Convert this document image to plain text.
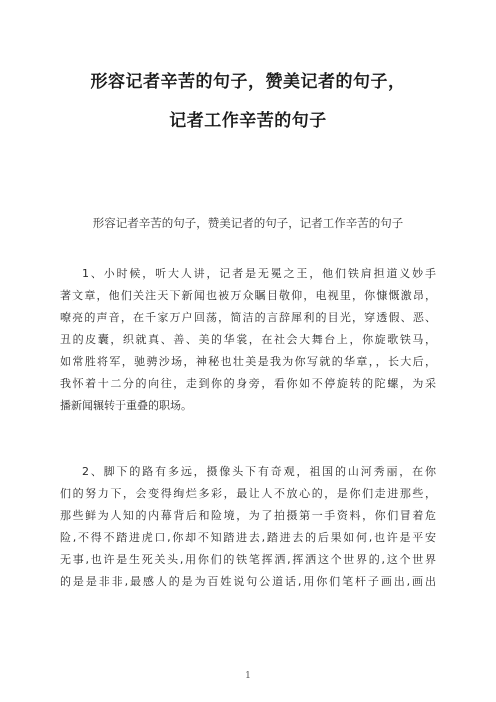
形容记者辛苦的句子，赞美记者的句子，
记者工作辛苦的句子
形容记者辛苦的句子，赞美记者的句子，记者工作辛苦的句子
1、小时候，听大人讲，记者是无冕之王，他们铁肩担道义妙手
著文章，他们关注天下新闻也被万众瞩目敬仰，电视里，你慷慨激昂，
嘹亮的声音，在千家万户回荡，简洁的言辞犀利的目光，穿透假、恶、
丑的皮囊，织就真、善、美的华裳，在社会大舞台上，你旋歌铁马，
如常胜将军，驰骋沙场，神秘也壮美是我为你写就的华章，，长大后，
我怀着十二分的向往，走到你的身旁，看你如不停旋转的陀螺，为采
播新闻辗转于重叠的职场。
2、脚下的路有多远，摄像头下有奇观，祖国的山河秀丽，在你
们的努力下，会变得绚烂多彩，最让人不放心的，是你们走进那些，
那些鲜为人知的内幕背后和险境，为了拍摄第一手资料，你们冒着危
险,不得不踏进虎口,你却不知踏进去,踏进去的后果如何,也许是平安
无事,也许是生死关头,用你们的铁笔挥洒,挥洒这个世界的,这个世界
的是是非非,最感人的是为百姓说句公道话,用你们笔杆子画出,画出
1
